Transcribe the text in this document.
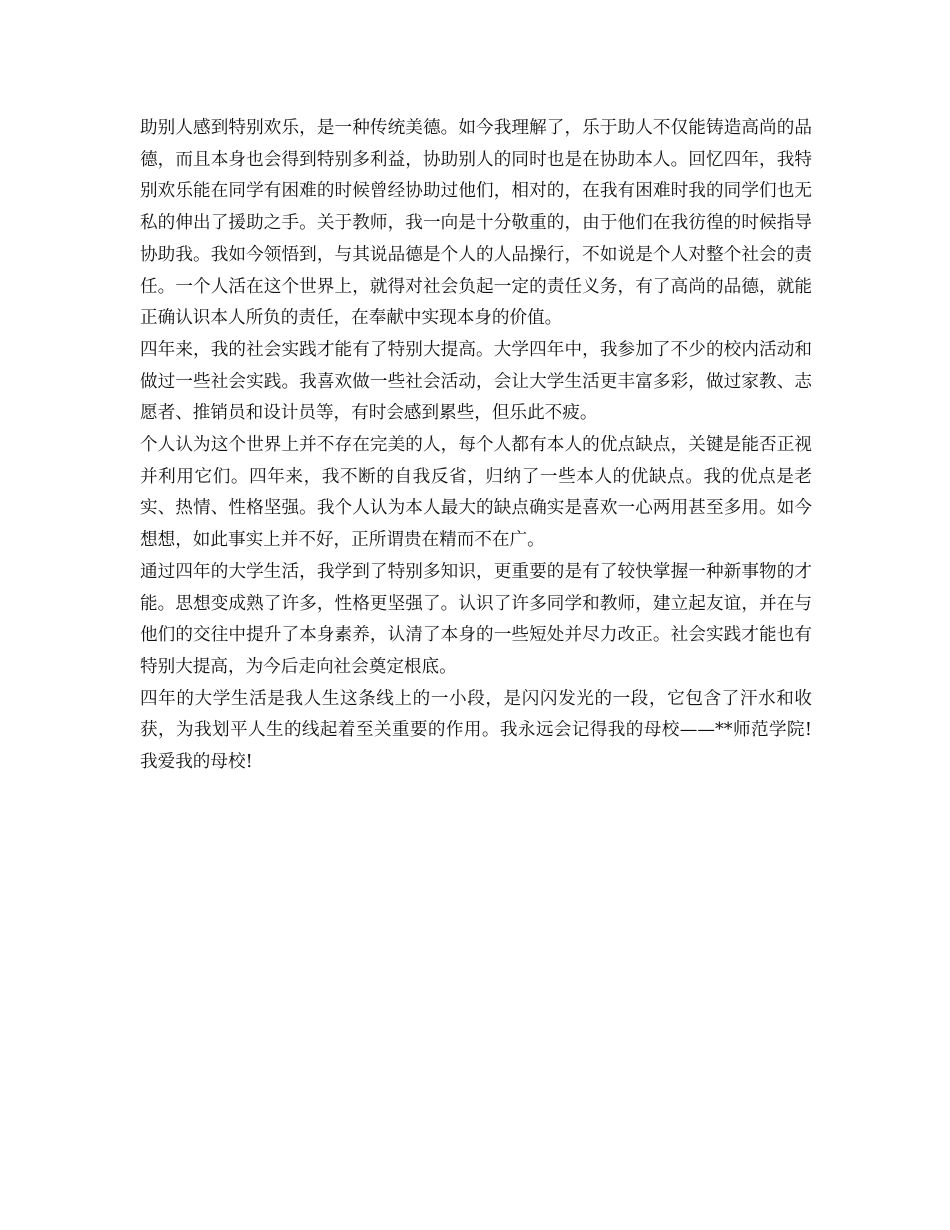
助别人感到特别欢乐，是一种传统美德。如今我理解了，乐于助人不仅能铸造高尚的品德，而且本身也会得到特别多利益，协助别人的同时也是在协助本人。回忆四年，我特别欢乐能在同学有困难的时候曾经协助过他们，相对的，在我有困难时我的同学们也无私的伸出了援助之手。关于教师，我一向是十分敬重的，由于他们在我彷徨的时候指导协助我。我如今领悟到，与其说品德是个人的人品操行，不如说是个人对整个社会的责任。一个人活在这个世界上，就得对社会负起一定的责任义务，有了高尚的品德，就能正确认识本人所负的责任，在奉献中实现本身的价值。

四年来，我的社会实践才能有了特别大提高。大学四年中，我参加了不少的校内活动和做过一些社会实践。我喜欢做一些社会活动，会让大学生活更丰富多彩，做过家教、志愿者、推销员和设计员等，有时会感到累些，但乐此不疲。

个人认为这个世界上并不存在完美的人，每个人都有本人的优点缺点，关键是能否正视并利用它们。四年来，我不断的自我反省，归纳了一些本人的优缺点。我的优点是老实、热情、性格坚强。我个人认为本人最大的缺点确实是喜欢一心两用甚至多用。如今想想，如此事实上并不好，正所谓贵在精而不在广。

通过四年的大学生活，我学到了特别多知识，更重要的是有了较快掌握一种新事物的才能。思想变成熟了许多，性格更坚强了。认识了许多同学和教师，建立起友谊，并在与他们的交往中提升了本身素养，认清了本身的一些短处并尽力改正。社会实践才能也有特别大提高，为今后走向社会奠定根底。

四年的大学生活是我人生这条线上的一小段，是闪闪发光的一段，它包含了汗水和收获，为我划平人生的线起着至关重要的作用。我永远会记得我的母校——**师范学院!我爱我的母校!
